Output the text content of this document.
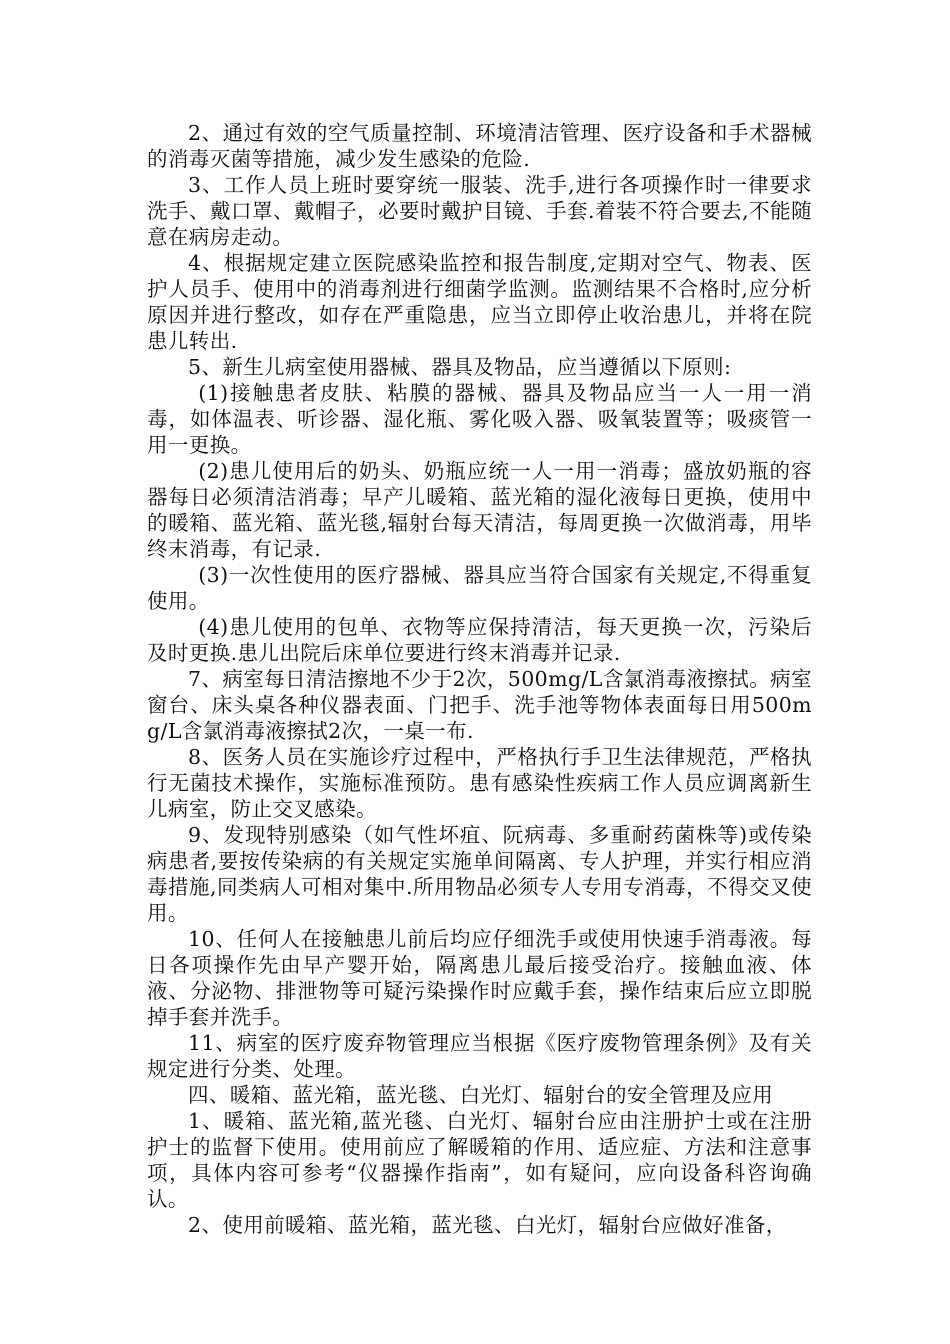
2、通过有效的空气质量控制、环境清洁管理、医疗设备和手术器械的消毒灭菌等措施，减少发生感染的危险.

3、工作人员上班时要穿统一服装、洗手,进行各项操作时一律要求洗手、戴口罩、戴帽子，必要时戴护目镜、手套.着装不符合要去,不能随意在病房走动。

4、根据规定建立医院感染监控和报告制度,定期对空气、物表、医护人员手、使用中的消毒剂进行细菌学监测。监测结果不合格时,应分析原因并进行整改，如存在严重隐患，应当立即停止收治患儿，并将在院患儿转出.

5、新生儿病室使用器械、器具及物品，应当遵循以下原则:

(1)接触患者皮肤、粘膜的器械、器具及物品应当一人一用一消毒，如体温表、听诊器、湿化瓶、雾化吸入器、吸氧装置等；吸痰管一用一更换。

(2)患儿使用后的奶头、奶瓶应统一人一用一消毒；盛放奶瓶的容器每日必须清洁消毒；早产儿暖箱、蓝光箱的湿化液每日更换，使用中的暖箱、蓝光箱、蓝光毯,辐射台每天清洁，每周更换一次做消毒，用毕终末消毒，有记录.

(3)一次性使用的医疗器械、器具应当符合国家有关规定,不得重复使用。

(4)患儿使用的包单、衣物等应保持清洁，每天更换一次，污染后及时更换.患儿出院后床单位要进行终末消毒并记录.

7、病室每日清洁擦地不少于2次，500mg/L含氯消毒液擦拭。病室窗台、床头桌各种仪器表面、门把手、洗手池等物体表面每日用500mg/L含氯消毒液擦拭2次，一桌一布.

8、医务人员在实施诊疗过程中，严格执行手卫生法律规范，严格执行无菌技术操作，实施标准预防。患有感染性疾病工作人员应调离新生儿病室，防止交叉感染。

9、发现特别感染（如气性坏疽、阮病毒、多重耐药菌株等)或传染病患者,要按传染病的有关规定实施单间隔离、专人护理，并实行相应消毒措施,同类病人可相对集中.所用物品必须专人专用专消毒，不得交叉使用。

10、任何人在接触患儿前后均应仔细洗手或使用快速手消毒液。每日各项操作先由早产婴开始，隔离患儿最后接受治疗。接触血液、体液、分泌物、排泄物等可疑污染操作时应戴手套，操作结束后应立即脱掉手套并洗手。

11、病室的医疗废弃物管理应当根据《医疗废物管理条例》及有关规定进行分类、处理。

四、暖箱、蓝光箱，蓝光毯、白光灯、辐射台的安全管理及应用

1、暖箱、蓝光箱,蓝光毯、白光灯、辐射台应由注册护士或在注册护士的监督下使用。使用前应了解暖箱的作用、适应症、方法和注意事项，具体内容可参考“仪器操作指南”，如有疑问，应向设备科咨询确认。

2、使用前暖箱、蓝光箱，蓝光毯、白光灯，辐射台应做好准备，
